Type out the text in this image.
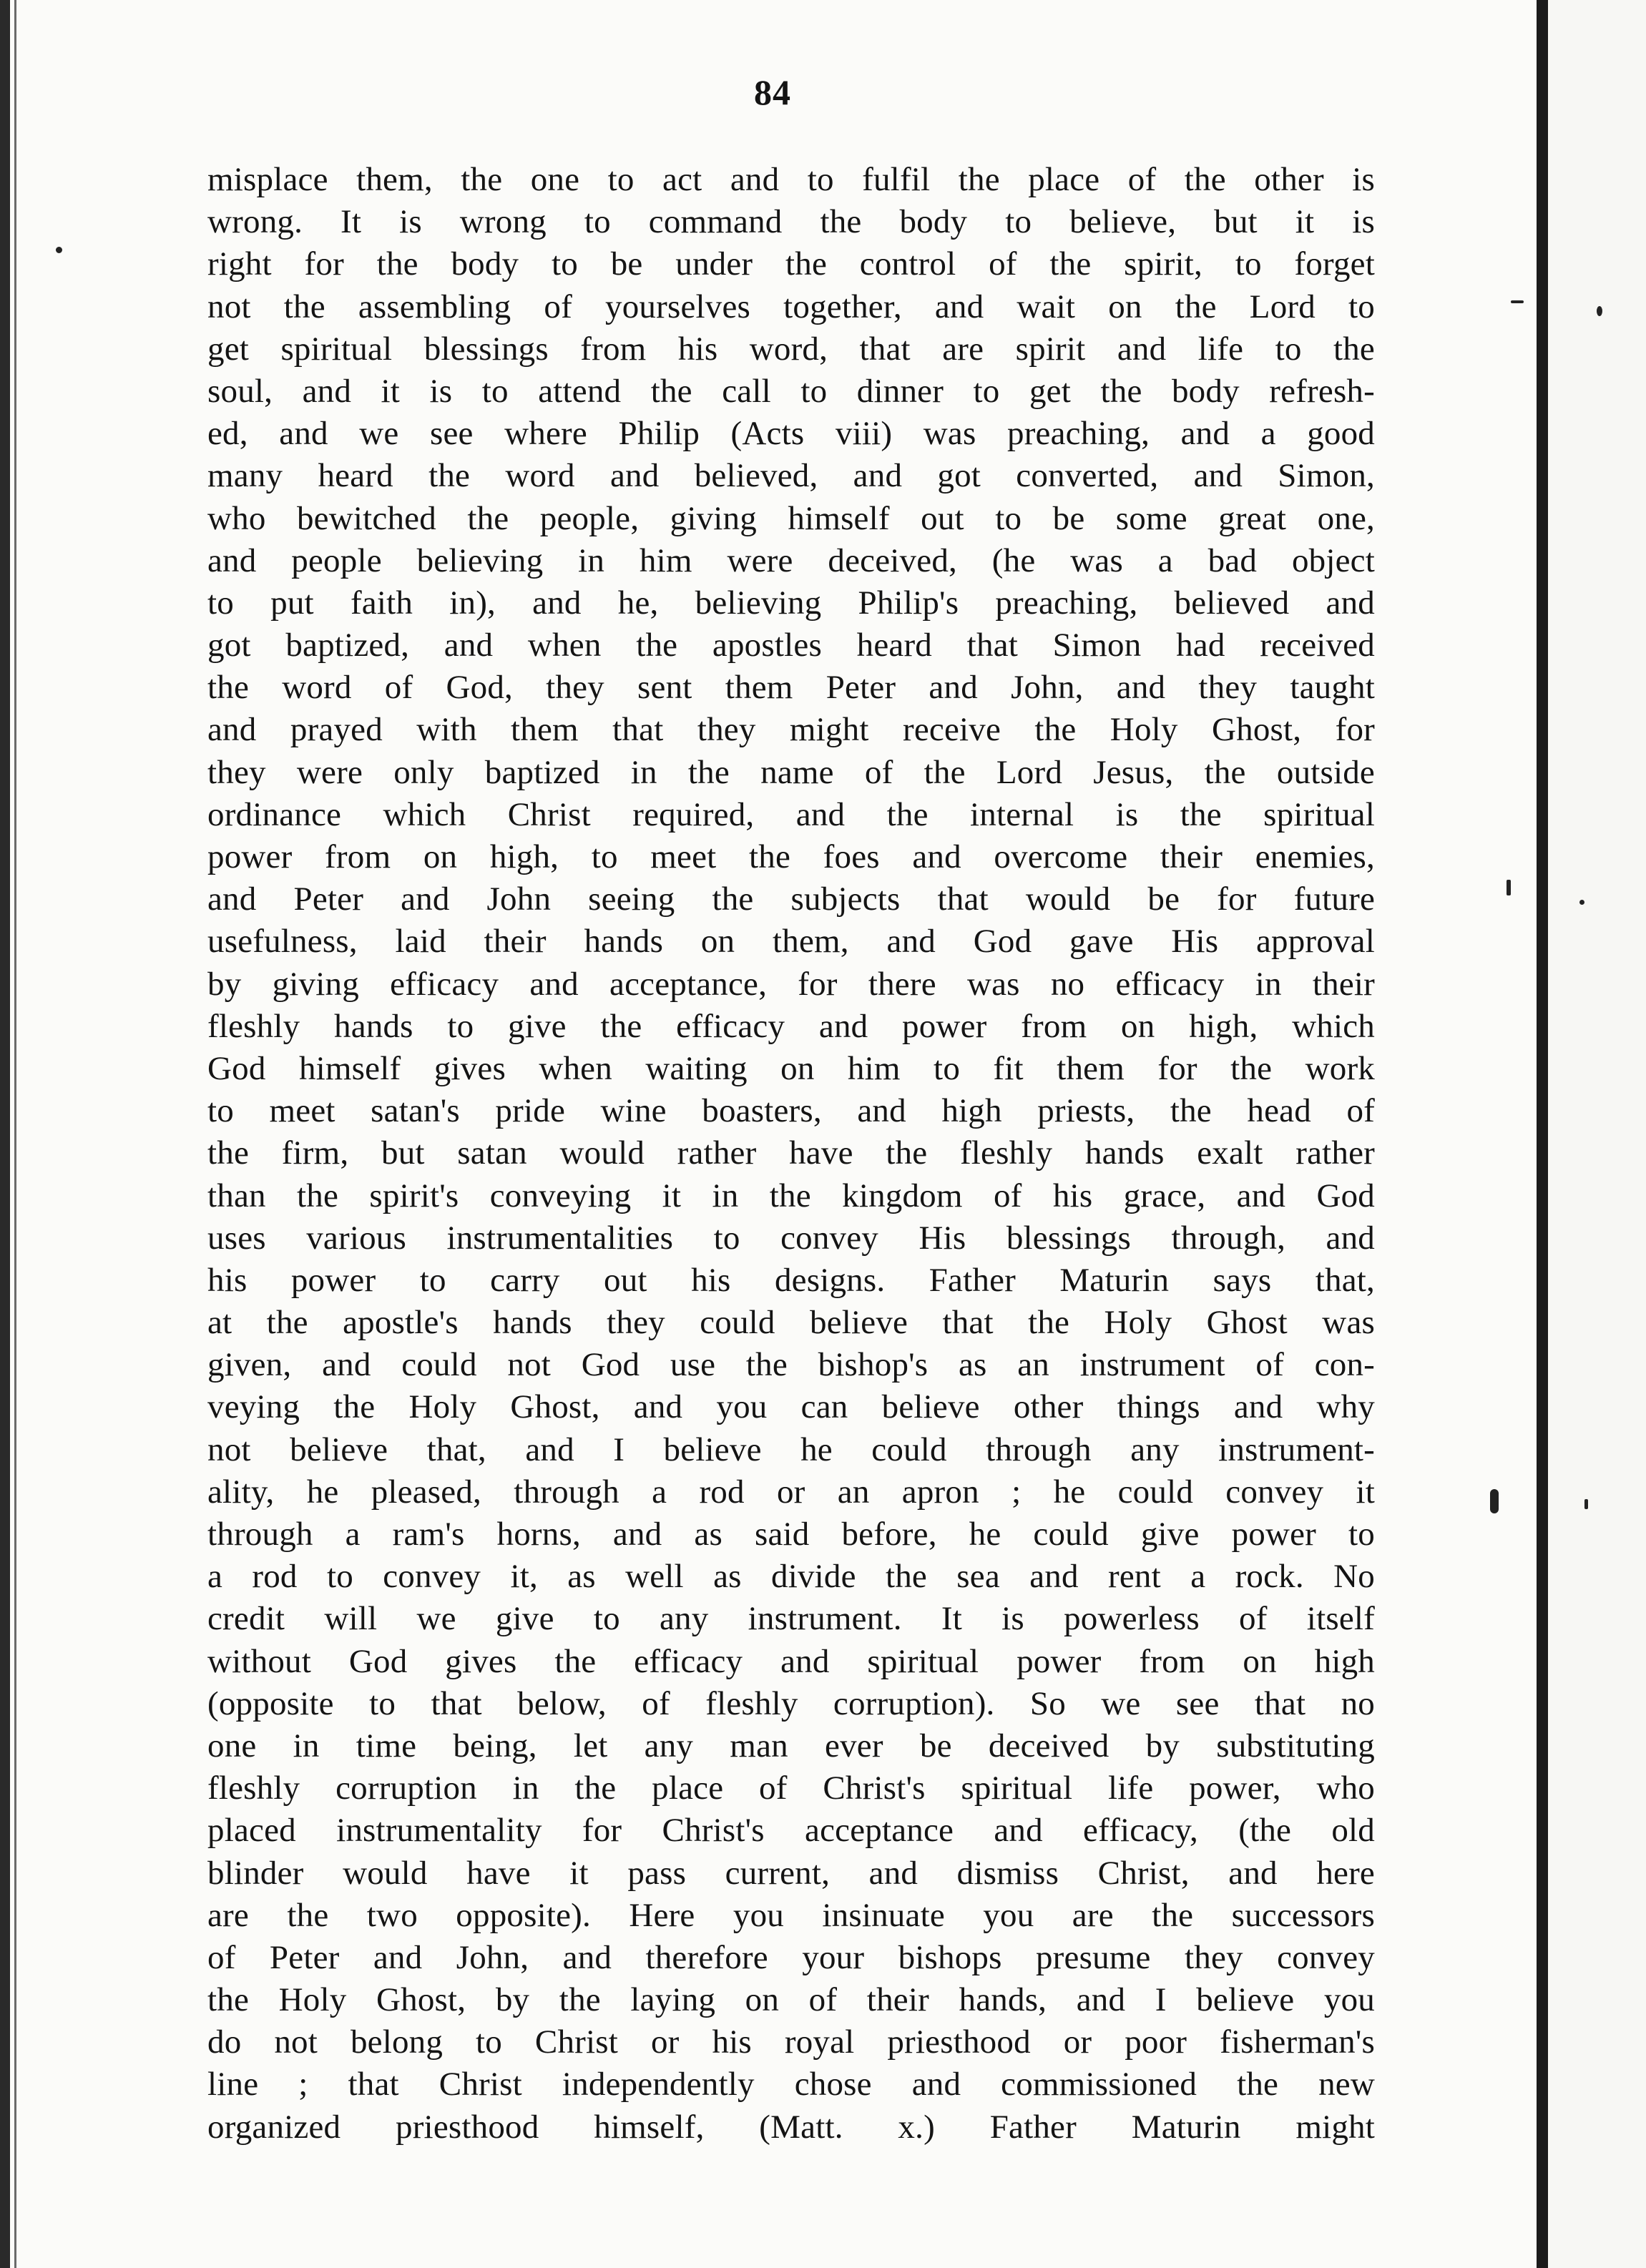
84
misplace them, the one to act and to fulfil the place of the other is
wrong. It is wrong to command the body to believe, but it is
right for the body to be under the control of the spirit, to forget
not the assembling of yourselves together, and wait on the Lord to
get spiritual blessings from his word, that are spirit and life to the
soul, and it is to attend the call to dinner to get the body refresh-
ed, and we see where Philip (Acts viii) was preaching, and a good
many heard the word and believed, and got converted, and Simon,
who bewitched the people, giving himself out to be some great one,
and people believing in him were deceived, (he was a bad object
to put faith in), and he, believing Philip's preaching, believed and
got baptized, and when the apostles heard that Simon had received
the word of God, they sent them Peter and John, and they taught
and prayed with them that they might receive the Holy Ghost, for
they were only baptized in the name of the Lord Jesus, the outside
ordinance which Christ required, and the internal is the spiritual
power from on high, to meet the foes and overcome their enemies,
and Peter and John seeing the subjects that would be for future
usefulness, laid their hands on them, and God gave His approval
by giving efficacy and acceptance, for there was no efficacy in their
fleshly hands to give the efficacy and power from on high, which
God himself gives when waiting on him to fit them for the work
to meet satan's pride wine boasters, and high priests, the head of
the firm, but satan would rather have the fleshly hands exalt rather
than the spirit's conveying it in the kingdom of his grace, and God
uses various instrumentalities to convey His blessings through, and
his power to carry out his designs. Father Maturin says that,
at the apostle's hands they could believe that the Holy Ghost was
given, and could not God use the bishop's as an instrument of con-
veying the Holy Ghost, and you can believe other things and why
not believe that, and I believe he could through any instrument-
ality, he pleased, through a rod or an apron ; he could convey it
through a ram's horns, and as said before, he could give power to
a rod to convey it, as well as divide the sea and rent a rock. No
credit will we give to any instrument. It is powerless of itself
without God gives the efficacy and spiritual power from on high
(opposite to that below, of fleshly corruption). So we see that no
one in time being, let any man ever be deceived by substituting
fleshly corruption in the place of Christ's spiritual life power, who
placed instrumentality for Christ's acceptance and efficacy, (the old
blinder would have it pass current, and dismiss Christ, and here
are the two opposite). Here you insinuate you are the successors
of Peter and John, and therefore your bishops presume they convey
the Holy Ghost, by the laying on of their hands, and I believe you
do not belong to Christ or his royal priesthood or poor fisherman's
line ; that Christ independently chose and commissioned the new
organized priesthood himself, (Matt. x.) Father Maturin might
